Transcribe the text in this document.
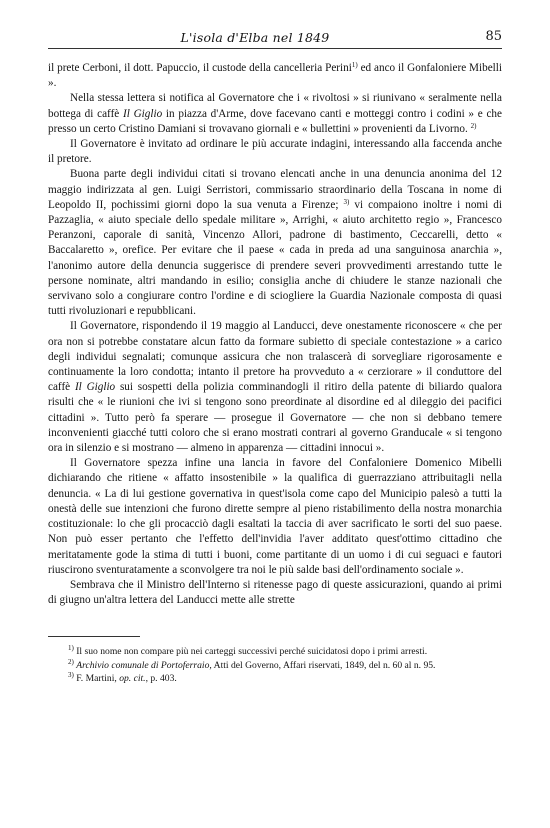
L'isola d'Elba nel 1849	85

il prete Cerboni, il dott. Papuccio, il custode della cancelleria Perini$^{1)}$ ed anco il Gonfaloniere Mibelli ».

Nella stessa lettera si notifica al Governatore che i « rivoltosi » si riunivano « seralmente nella bottega di caffè Il Giglio in piazza d'Arme, dove facevano canti e motteggi contro i codini » e che presso un certo Cristino Damiani si trovavano giornali e « bullettini » provenienti da Livorno. $^{2)}$

Il Governatore è invitato ad ordinare le più accurate indagini, interessando alla faccenda anche il pretore.

Buona parte degli individui citati si trovano elencati anche in una denuncia anonima del 12 maggio indirizzata al gen. Luigi Serristori, commissario straordinario della Toscana in nome di Leopoldo II, pochissimi giorni dopo la sua venuta a Firenze; $^{3)}$ vi compaiono inoltre i nomi di Pazzaglia, « aiuto speciale dello spedale militare », Arrighi, « aiuto architetto regio », Francesco Peranzoni, caporale di sanità, Vincenzo Allori, padrone di bastimento, Ceccarelli, detto « Baccalaretto », orefice. Per evitare che il paese « cada in preda ad una sanguinosa anarchia », l'anonimo autore della denuncia suggerisce di prendere severi provvedimenti arrestando tutte le persone nominate, altri mandando in esilio; consiglia anche di chiudere le stanze nazionali che servivano solo a congiurare contro l'ordine e di sciogliere la Guardia Nazionale composta di quasi tutti rivoluzionari e repubblicani.

Il Governatore, rispondendo il 19 maggio al Landucci, deve onestamente riconoscere « che per ora non si potrebbe constatare alcun fatto da formare subietto di speciale contestazione » a carico degli individui segnalati; comunque assicura che non tralascerà di sorvegliare rigorosamente e continuamente la loro condotta; intanto il pretore ha provveduto a « cerziorare » il conduttore del caffè Il Giglio sui sospetti della polizia comminandogli il ritiro della patente di biliardo qualora risulti che « le riunioni che ivi si tengono sono preordinate al disordine ed al dileggio dei pacifici cittadini ». Tutto però fa sperare — prosegue il Governatore — che non si debbano temere inconvenienti giacché tutti coloro che si erano mostrati contrari al governo Granducale « si tengono ora in silenzio e si mostrano — almeno in apparenza — cittadini innocui ».

Il Governatore spezza infine una lancia in favore del Confaloniere Domenico Mibelli dichiarando che ritiene « affatto insostenibile » la qualifica di guerrazziano attribuitagli nella denuncia. « La di lui gestione governativa in quest'isola come capo del Municipio palesò a tutti la onestà delle sue intenzioni che furono dirette sempre al pieno ristabilimento della nostra monarchia costituzionale: lo che gli procacciò dagli esaltati la taccia di aver sacrificato le sorti del suo paese. Non può esser pertanto che l'effetto dell'invidia l'aver additato quest'ottimo cittadino che meritatamente gode la stima di tutti i buoni, come partitante di un uomo i di cui seguaci e fautori riuscirono sventuratamente a sconvolgere tra noi le più salde basi dell'ordinamento sociale ».

Sembrava che il Ministro dell'Interno si ritenesse pago di queste assicurazioni, quando ai primi di giugno un'altra lettera del Landucci mette alle strette

$^{1)}$ Il suo nome non compare più nei carteggi successivi perché suicidatosi dopo i primi arresti.

$^{2)}$ Archivio comunale di Portoferraio, Atti del Governo, Affari riservati, 1849, del n. 60 al n. 95.

$^{3)}$ F. Martini, op. cit., p. 403.
